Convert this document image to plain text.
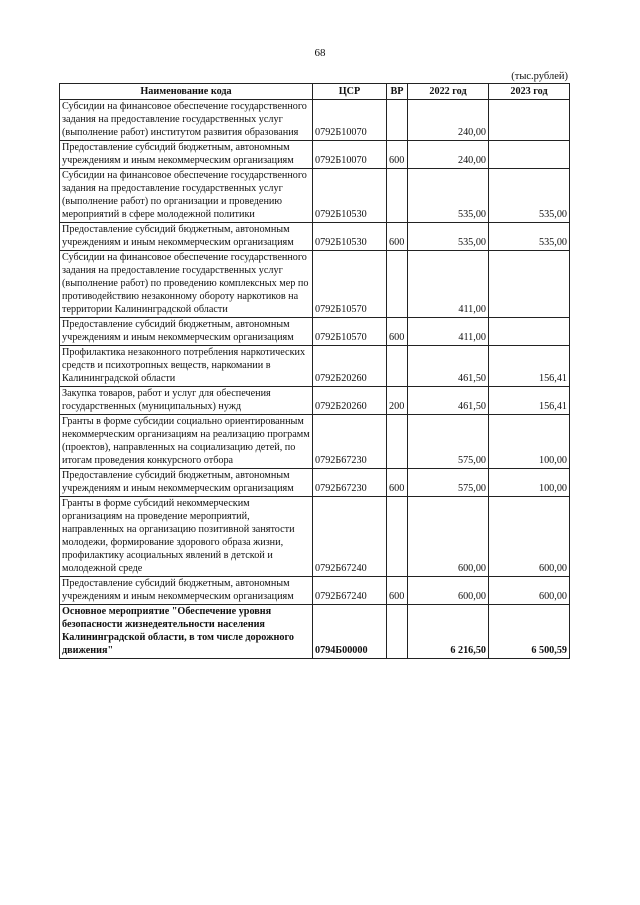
68
(тыс.рублей)
Наименование кода	ЦСР	ВР	2022 год	2023 год
Субсидии на финансовое обеспечение государственного задания на предоставление государственных услуг (выполнение работ) институтом развития образования	0792Б10070		240,00	
Предоставление субсидий бюджетным, автономным учреждениям и иным некоммерческим организациям	0792Б10070	600	240,00	
Субсидии на финансовое обеспечение государственного задания на предоставление государственных услуг (выполнение работ) по организации и проведению мероприятий в сфере молодежной политики	0792Б10530		535,00	535,00
Предоставление субсидий бюджетным, автономным учреждениям и иным некоммерческим организациям	0792Б10530	600	535,00	535,00
Субсидии на финансовое обеспечение государственного задания на предоставление государственных услуг (выполнение работ) по проведению комплексных мер по противодействию незаконному обороту наркотиков на территории Калининградской области	0792Б10570		411,00	
Предоставление субсидий бюджетным, автономным учреждениям и иным некоммерческим организациям	0792Б10570	600	411,00	
Профилактика незаконного потребления наркотических средств и психотропных веществ, наркомании в Калининградской области	0792Б20260		461,50	156,41
Закупка товаров, работ и услуг для обеспечения государственных (муниципальных) нужд	0792Б20260	200	461,50	156,41
Гранты в форме субсидии социально ориентированным некоммерческим организациям на реализацию программ (проектов), направленных на социализацию детей, по итогам проведения конкурсного отбора	0792Б67230		575,00	100,00
Предоставление субсидий бюджетным, автономным учреждениям и иным некоммерческим организациям	0792Б67230	600	575,00	100,00
Гранты в форме субсидий некоммерческим организациям на проведение мероприятий, направленных на организацию позитивной занятости молодежи, формирование здорового образа жизни, профилактику асоциальных явлений в детской и молодежной среде	0792Б67240		600,00	600,00
Предоставление субсидий бюджетным, автономным учреждениям и иным некоммерческим организациям	0792Б67240	600	600,00	600,00
Основное мероприятие "Обеспечение уровня безопасности жизнедеятельности населения Калининградской области, в том числе дорожного движения"	0794Б00000		6 216,50	6 500,59
